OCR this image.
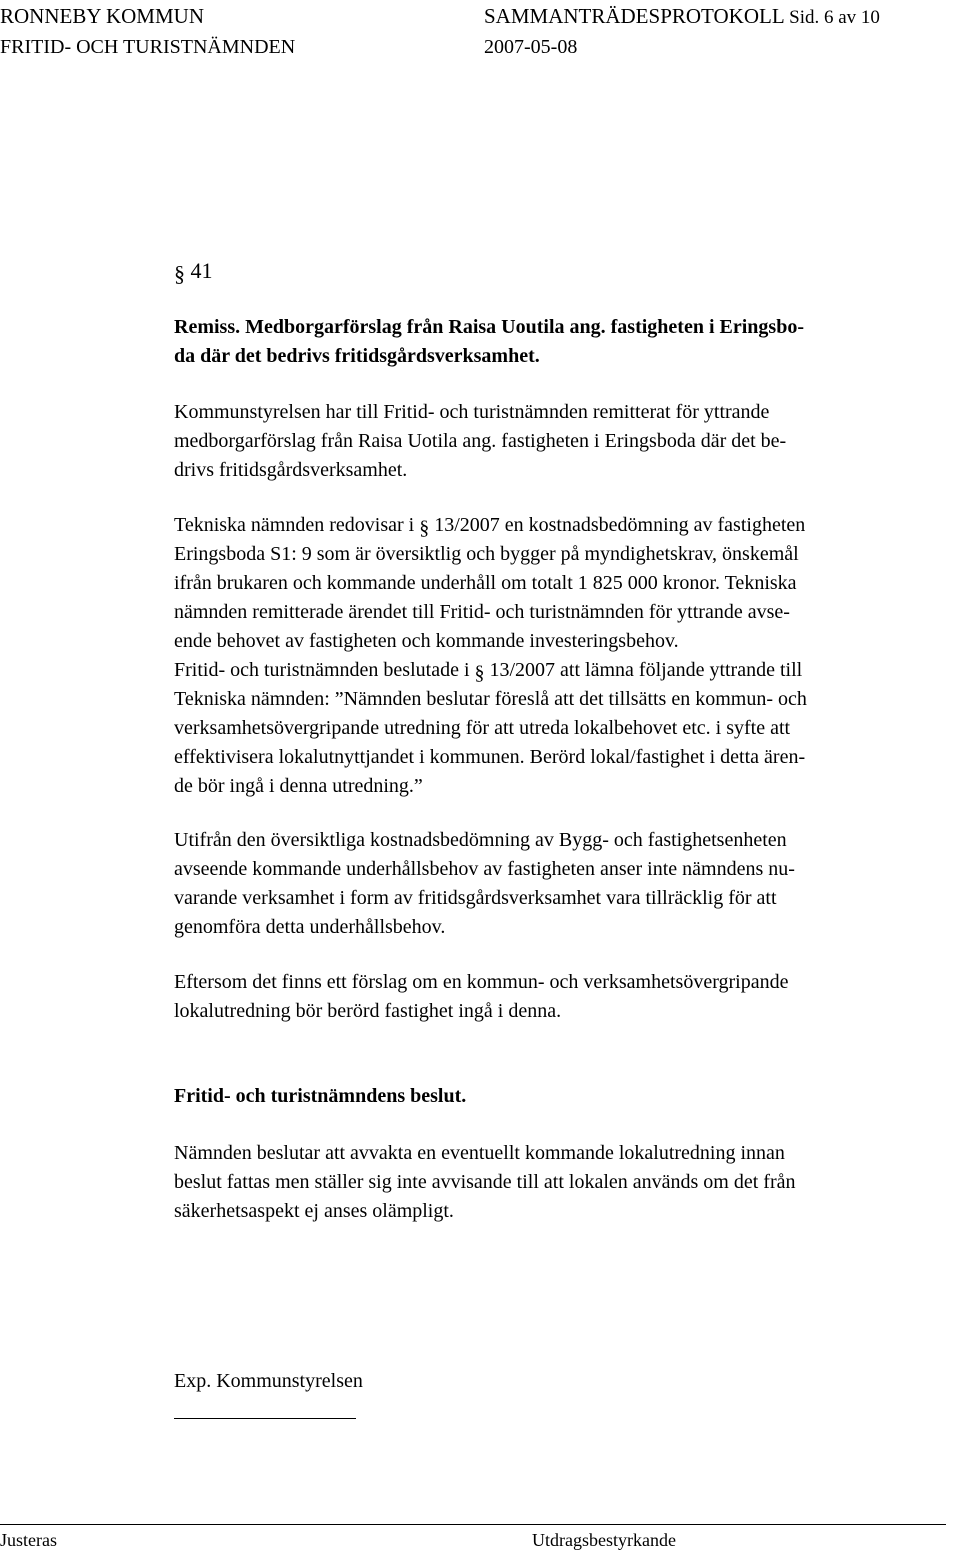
RONNEBY KOMMUN	SAMMANTRÄDESPROTOKOLL Sid. 6 av 10
FRITID- OCH TURISTNÄMNDEN	2007-05-08
§ 41
Remiss. Medborgarförslag från Raisa Uoutila ang. fastigheten i Eringsbo-
da där det bedrivs fritidsgårdsverksamhet.
Kommunstyrelsen har till Fritid- och turistnämnden remitterat för yttrande
medborgarförslag från Raisa Uotila ang. fastigheten i Eringsboda där det be-
drivs fritidsgårdsverksamhet.
Tekniska nämnden redovisar i § 13/2007 en kostnadsbedömning av fastigheten
Eringsboda S1: 9 som är översiktlig och bygger på myndighetskrav, önskemål
ifrån brukaren och kommande underhåll om totalt 1 825 000 kronor. Tekniska
nämnden remitterade ärendet till Fritid- och turistnämnden för yttrande avse-
ende behovet av fastigheten och kommande investeringsbehov.
Fritid- och turistnämnden beslutade i § 13/2007 att lämna följande yttrande till
Tekniska nämnden: ”Nämnden beslutar föreslå att det tillsätts en kommun- och
verksamhetsövergripande utredning för att utreda lokalbehovet etc. i syfte att
effektivisera lokalutnyttjandet i kommunen. Berörd lokal/fastighet i detta ären-
de bör ingå i denna utredning.”
Utifrån den översiktliga kostnadsbedömning av Bygg- och fastighetsenheten
avseende kommande underhållsbehov av fastigheten anser inte nämndens nu-
varande verksamhet i form av fritidsgårdsverksamhet vara tillräcklig för att
genomföra detta underhållsbehov.
Eftersom det finns ett förslag om en kommun- och verksamhetsövergripande
lokalutredning bör berörd fastighet ingå i denna.
Fritid- och turistnämndens beslut.
Nämnden beslutar att avvakta en eventuellt kommande lokalutredning innan
beslut fattas men ställer sig inte avvisande till att lokalen används om det från
säkerhetsaspekt ej anses olämpligt.
Exp. Kommunstyrelsen
Justeras	Utdragsbestyrkande
